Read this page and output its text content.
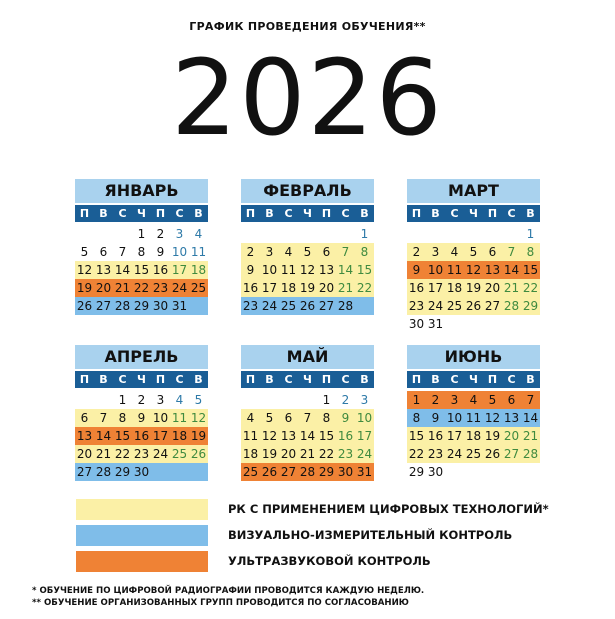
ГРАФИК ПРОВЕДЕНИЯ ОБУЧЕНИЯ**
2026
ЯНВАРЬ
П В С Ч П С В
1 2 3 4
5 6 7 8 9 10 11
12 13 14 15 16 17 18
19 20 21 22 23 24 25
26 27 28 29 30 31
ФЕВРАЛЬ
П В С Ч П С В
1
2 3 4 5 6 7 8
9 10 11 12 13 14 15
16 17 18 19 20 21 22
23 24 25 26 27 28
МАРТ
П В С Ч П С В
1
2 3 4 5 6 7 8
9 10 11 12 13 14 15
16 17 18 19 20 21 22
23 24 25 26 27 28 29
30 31
АПРЕЛЬ
П В С Ч П С В
1 2 3 4 5
6 7 8 9 10 11 12
13 14 15 16 17 18 19
20 21 22 23 24 25 26
27 28 29 30
МАЙ
П В С Ч П С В
1 2 3
4 5 6 7 8 9 10
11 12 13 14 15 16 17
18 19 20 21 22 23 24
25 26 27 28 29 30 31
ИЮНЬ
П В С Ч П С В
1 2 3 4 5 6 7
8 9 10 11 12 13 14
15 16 17 18 19 20 21
22 23 24 25 26 27 28
29 30
РК С ПРИМЕНЕНИЕМ ЦИФРОВЫХ ТЕХНОЛОГИЙ*
ВИЗУАЛЬНО-ИЗМЕРИТЕЛЬНЫЙ КОНТРОЛЬ
УЛЬТРАЗВУКОВОЙ КОНТРОЛЬ
* ОБУЧЕНИЕ ПО ЦИФРОВОЙ РАДИОГРАФИИ ПРОВОДИТСЯ КАЖДУЮ НЕДЕЛЮ.
** ОБУЧЕНИЕ ОРГАНИЗОВАННЫХ ГРУПП ПРОВОДИТСЯ ПО СОГЛАСОВАНИЮ
